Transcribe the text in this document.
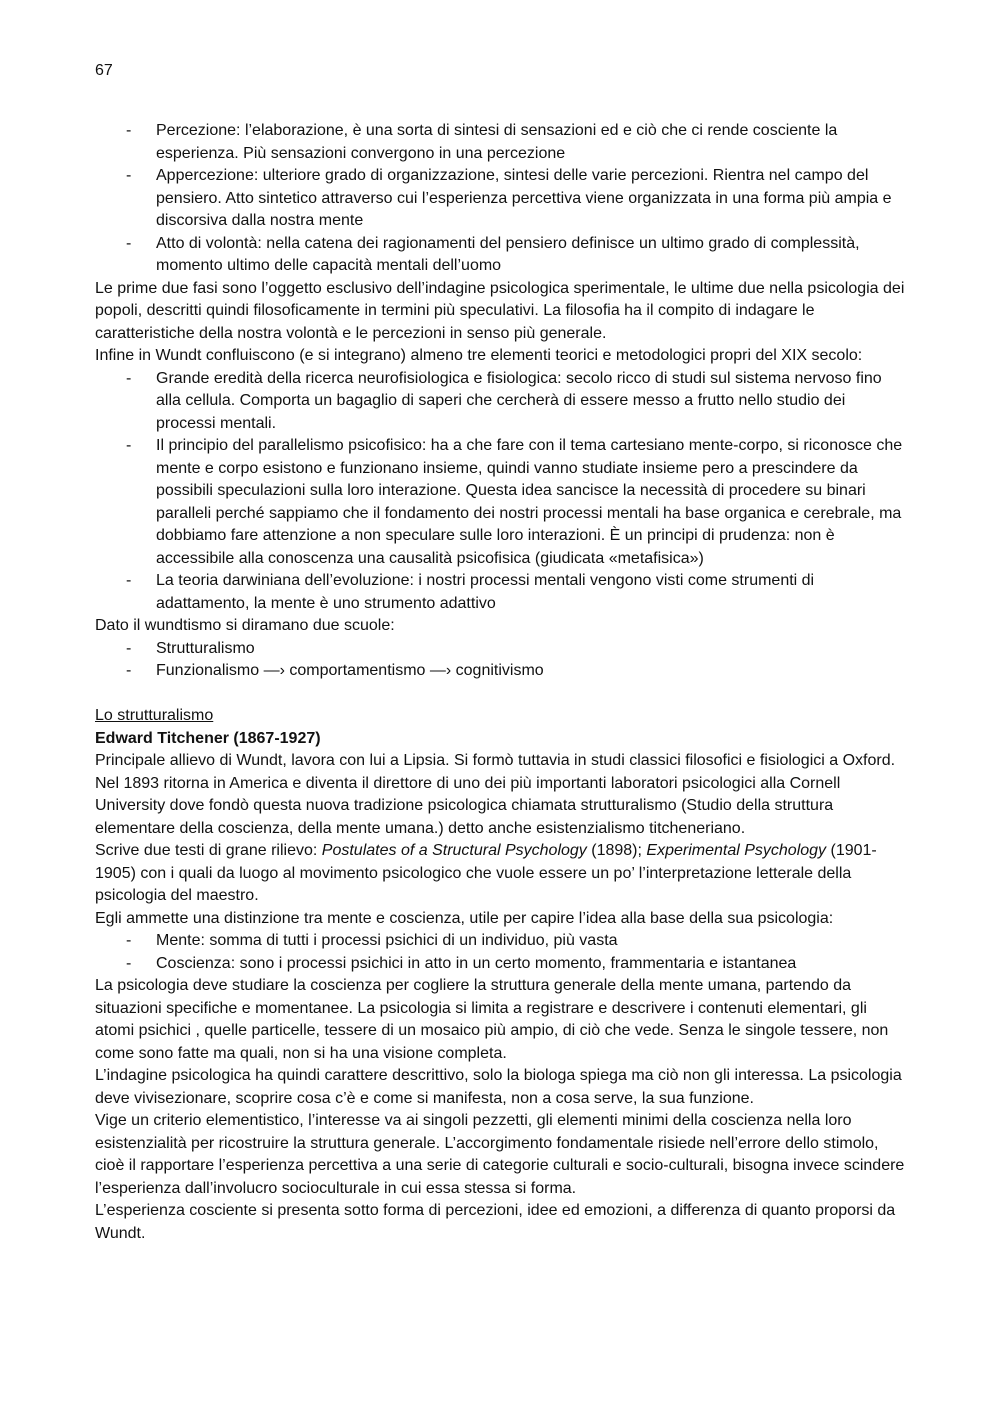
67
- Percezione: l’elaborazione, è una sorta di sintesi di sensazioni ed e ciò che ci rende cosciente la esperienza. Più sensazioni convergono in una percezione
- Appercezione: ulteriore grado di organizzazione, sintesi delle varie percezioni. Rientra nel campo del pensiero. Atto sintetico attraverso cui l’esperienza percettiva viene organizzata in una forma più ampia e discorsiva dalla nostra mente
- Atto di volontà: nella catena dei ragionamenti del pensiero definisce un ultimo grado di complessità, momento ultimo delle capacità mentali dell’uomo

Le prime due fasi sono l’oggetto esclusivo dell’indagine psicologica sperimentale, le ultime due nella psicologia dei popoli, descritti quindi filosoficamente in termini più speculativi. La filosofia ha il compito di indagare le caratteristiche della nostra volontà e le percezioni in senso più generale.

Infine in Wundt confluiscono (e si integrano) almeno tre elementi teorici e metodologici propri del XIX secolo:

- Grande eredità della ricerca neurofisiologica e fisiologica: secolo ricco di studi sul sistema nervoso fino alla cellula. Comporta un bagaglio di saperi che cercherà di essere messo a frutto nello studio dei processi mentali.
- Il principio del parallelismo psicofisico: ha a che fare con il tema cartesiano mente-corpo, si riconosce che mente e corpo esistono e funzionano insieme, quindi vanno studiate insieme pero a prescindere da possibili speculazioni sulla loro interazione. Questa idea sancisce la necessità di procedere su binari paralleli perché sappiamo che il fondamento dei nostri processi mentali ha base organica e cerebrale, ma dobbiamo fare attenzione a non speculare sulle loro interazioni. È un principi di prudenza: non è accessibile alla conoscenza una causalità psicofisica (giudicata «metafisica»)
- La teoria darwiniana dell’evoluzione: i nostri processi mentali vengono visti come strumenti di adattamento, la mente è uno strumento adattivo

Dato il wundtismo si diramano due scuole:

- Strutturalismo
- Funzionalismo —› comportamentismo —› cognitivismo

Lo strutturalismo

Edward Titchener (1867-1927)

Principale allievo di Wundt, lavora con lui a Lipsia. Si formò tuttavia in studi classici filosofici e fisiologici a Oxford.

Nel 1893 ritorna in America e diventa il direttore di uno dei più importanti laboratori psicologici alla Cornell University dove fondò questa nuova tradizione psicologica chiamata strutturalismo (Studio della struttura elementare della coscienza, della mente umana.) detto anche esistenzialismo titcheneriano.

Scrive due testi di grane rilievo: Postulates of a Structural Psychology (1898); Experimental Psychology (1901-1905) con i quali da luogo al movimento psicologico che vuole essere un po’ l’interpretazione letterale della psicologia del maestro.

Egli ammette una distinzione tra mente e coscienza, utile per capire l’idea alla base della sua psicologia:

- Mente: somma di tutti i processi psichici di un individuo, più vasta
- Coscienza: sono i processi psichici in atto in un certo momento, frammentaria e istantanea

La psicologia deve studiare la coscienza per cogliere la struttura generale della mente umana, partendo da situazioni specifiche e momentanee. La psicologia si limita a registrare e descrivere i contenuti elementari, gli atomi psichici , quelle particelle, tessere di un mosaico più ampio, di ciò che vede. Senza le singole tessere, non come sono fatte ma quali, non si ha una visione completa.

L’indagine psicologica ha quindi carattere descrittivo, solo la biologa spiega ma ciò non gli interessa. La psicologia deve vivisezionare, scoprire cosa c’è e come si manifesta, non a cosa serve, la sua funzione.

Vige un criterio elementistico, l’interesse va ai singoli pezzetti, gli elementi minimi della coscienza nella loro esistenzialità per ricostruire la struttura generale. L’accorgimento fondamentale risiede nell’errore dello stimolo, cioè il rapportare l’esperienza percettiva a una serie di categorie culturali e socio-culturali, bisogna invece scindere l’esperienza dall’involucro socioculturale in cui essa stessa si forma.

L’esperienza cosciente si presenta sotto forma di percezioni, idee ed emozioni, a differenza di quanto proporsi da Wundt.
